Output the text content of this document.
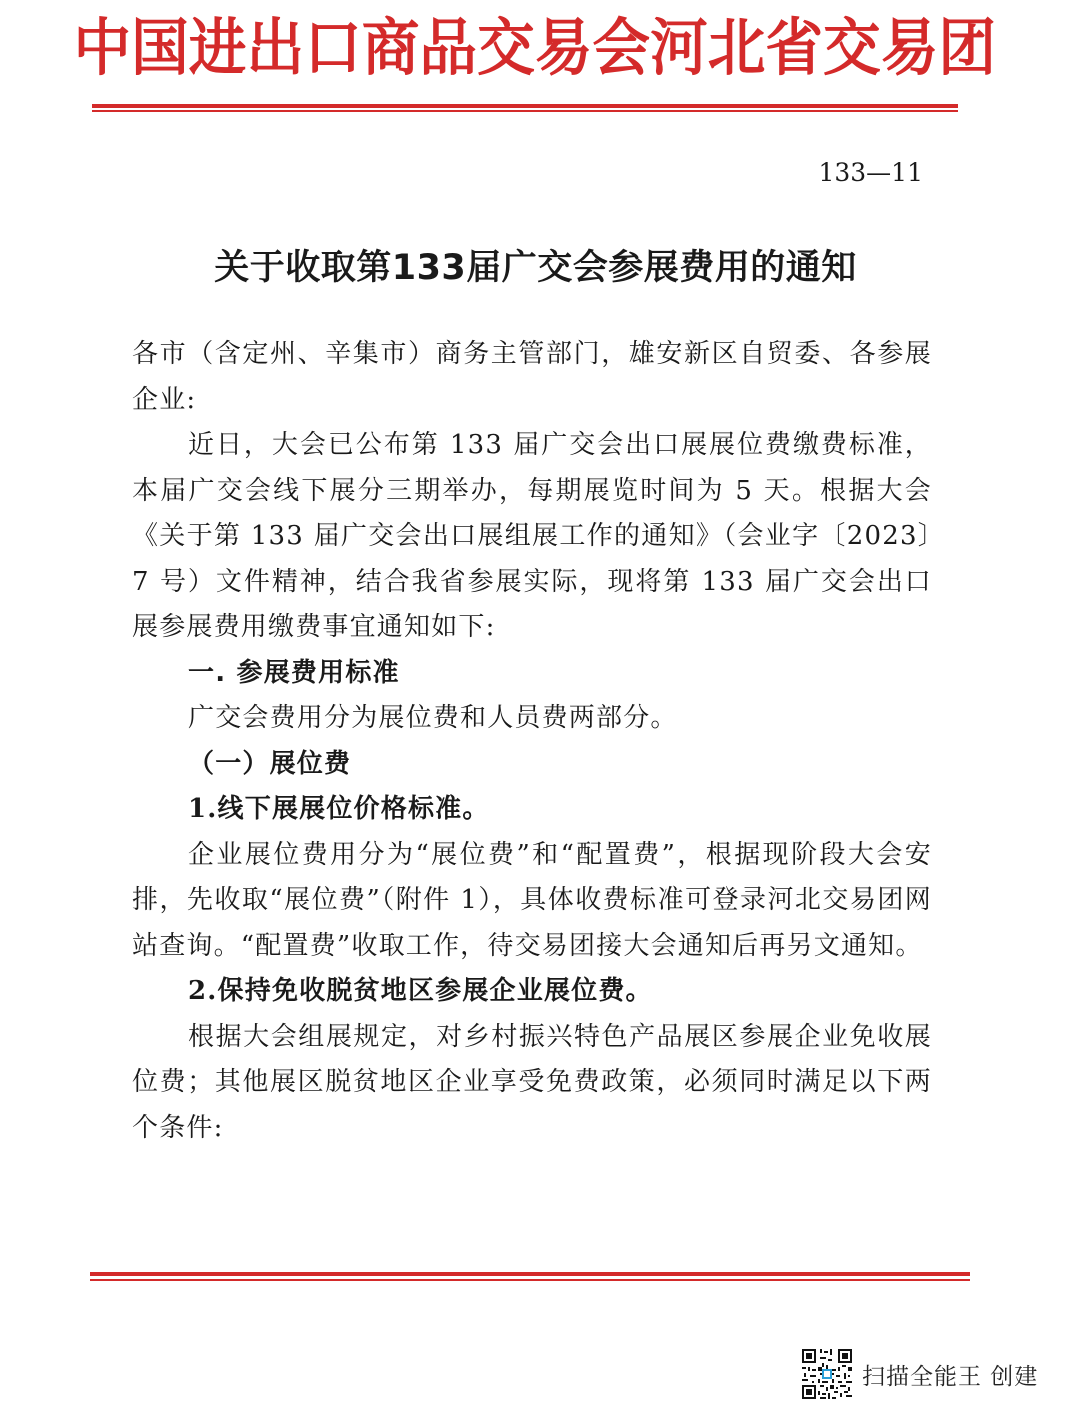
中国进出口商品交易会河北省交易团
133—11
关于收取第133届广交会参展费用的通知

各市（含定州、辛集市）商务主管部门，雄安新区自贸委、各参展企业:

近日，大会已公布第 133 届广交会出口展展位费缴费标准，本届广交会线下展分三期举办，每期展览时间为 5 天。根据大会《关于第 133 届广交会出口展组展工作的通知》（会业字〔2023〕7 号）文件精神，结合我省参展实际，现将第 133 届广交会出口展参展费用缴费事宜通知如下:

一. 参展费用标准

广交会费用分为展位费和人员费两部分。

（一）展位费

1.线下展展位价格标准。

企业展位费用分为“展位费”和“配置费”，根据现阶段大会安排，先收取“展位费”（附件 1），具体收费标准可登录河北交易团网站查询。“配置费”收取工作，待交易团接大会通知后再另文通知。

2.保持免收脱贫地区参展企业展位费。

根据大会组展规定，对乡村振兴特色产品展区参展企业免收展位费；其他展区脱贫地区企业享受免费政策，必须同时满足以下两个条件:

扫描全能王 创建
